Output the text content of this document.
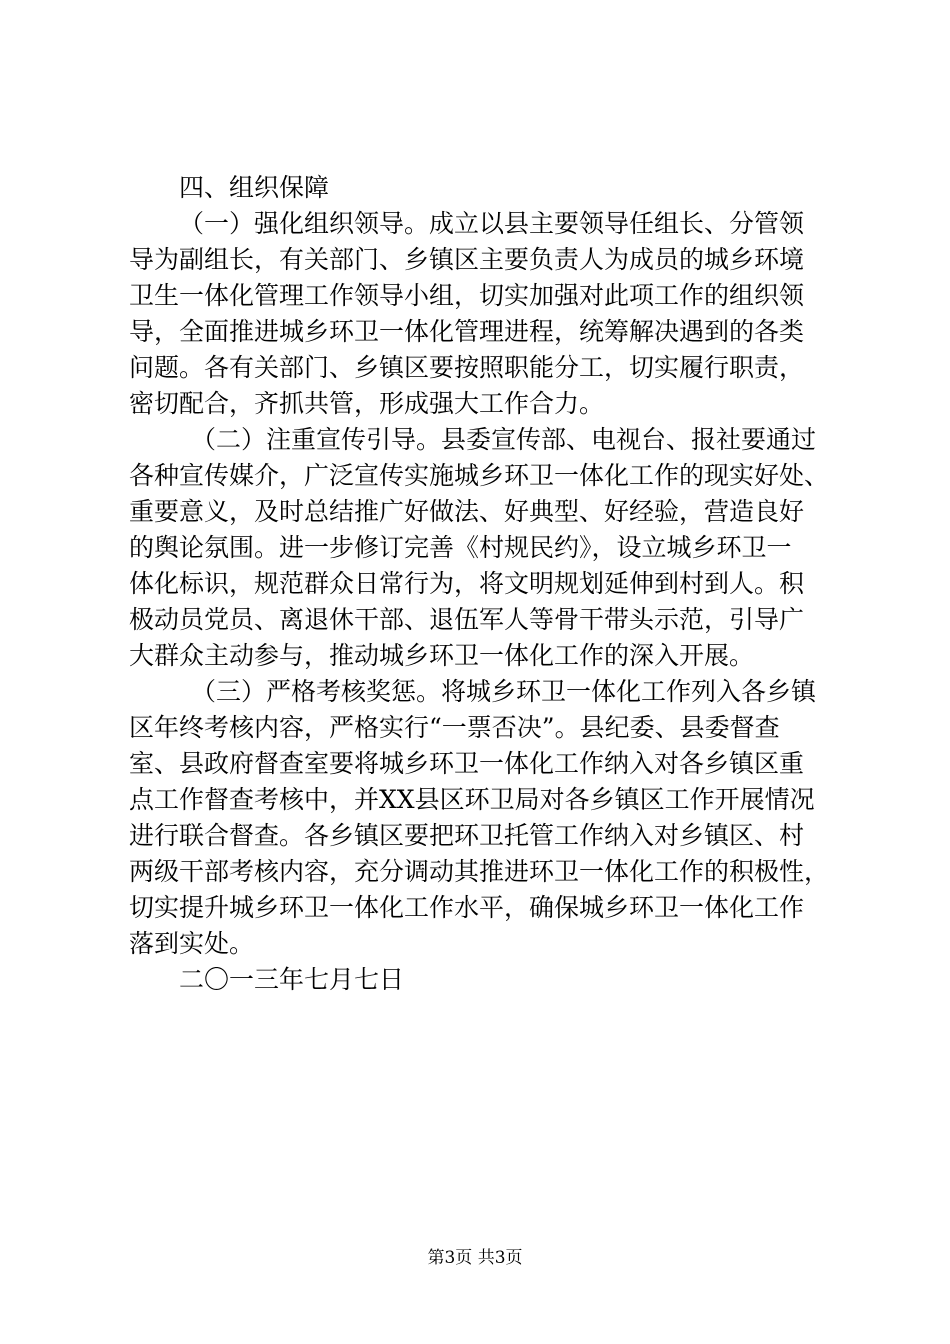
四、组织保障
（一）强化组织领导。成立以县主要领导任组长、分管领
导为副组长，有关部门、乡镇区主要负责人为成员的城乡环境
卫生一体化管理工作领导小组，切实加强对此项工作的组织领
导，全面推进城乡环卫一体化管理进程，统筹解决遇到的各类
问题。各有关部门、乡镇区要按照职能分工，切实履行职责，
密切配合，齐抓共管，形成强大工作合力。
（二）注重宣传引导。县委宣传部、电视台、报社要通过
各种宣传媒介，广泛宣传实施城乡环卫一体化工作的现实好处、
重要意义，及时总结推广好做法、好典型、好经验，营造良好
的舆论氛围。进一步修订完善《村规民约》，设立城乡环卫一
体化标识，规范群众日常行为，将文明规划延伸到村到人。积
极动员党员、离退休干部、退伍军人等骨干带头示范，引导广
大群众主动参与，推动城乡环卫一体化工作的深入开展。
（三）严格考核奖惩。将城乡环卫一体化工作列入各乡镇
区年终考核内容，严格实行“一票否决”。县纪委、县委督查
室、县政府督查室要将城乡环卫一体化工作纳入对各乡镇区重
点工作督查考核中，并XX县区环卫局对各乡镇区工作开展情况
进行联合督查。各乡镇区要把环卫托管工作纳入对乡镇区、村
两级干部考核内容，充分调动其推进环卫一体化工作的积极性，
切实提升城乡环卫一体化工作水平，确保城乡环卫一体化工作
落到实处。
二〇一三年七月七日
第3页 共3页
